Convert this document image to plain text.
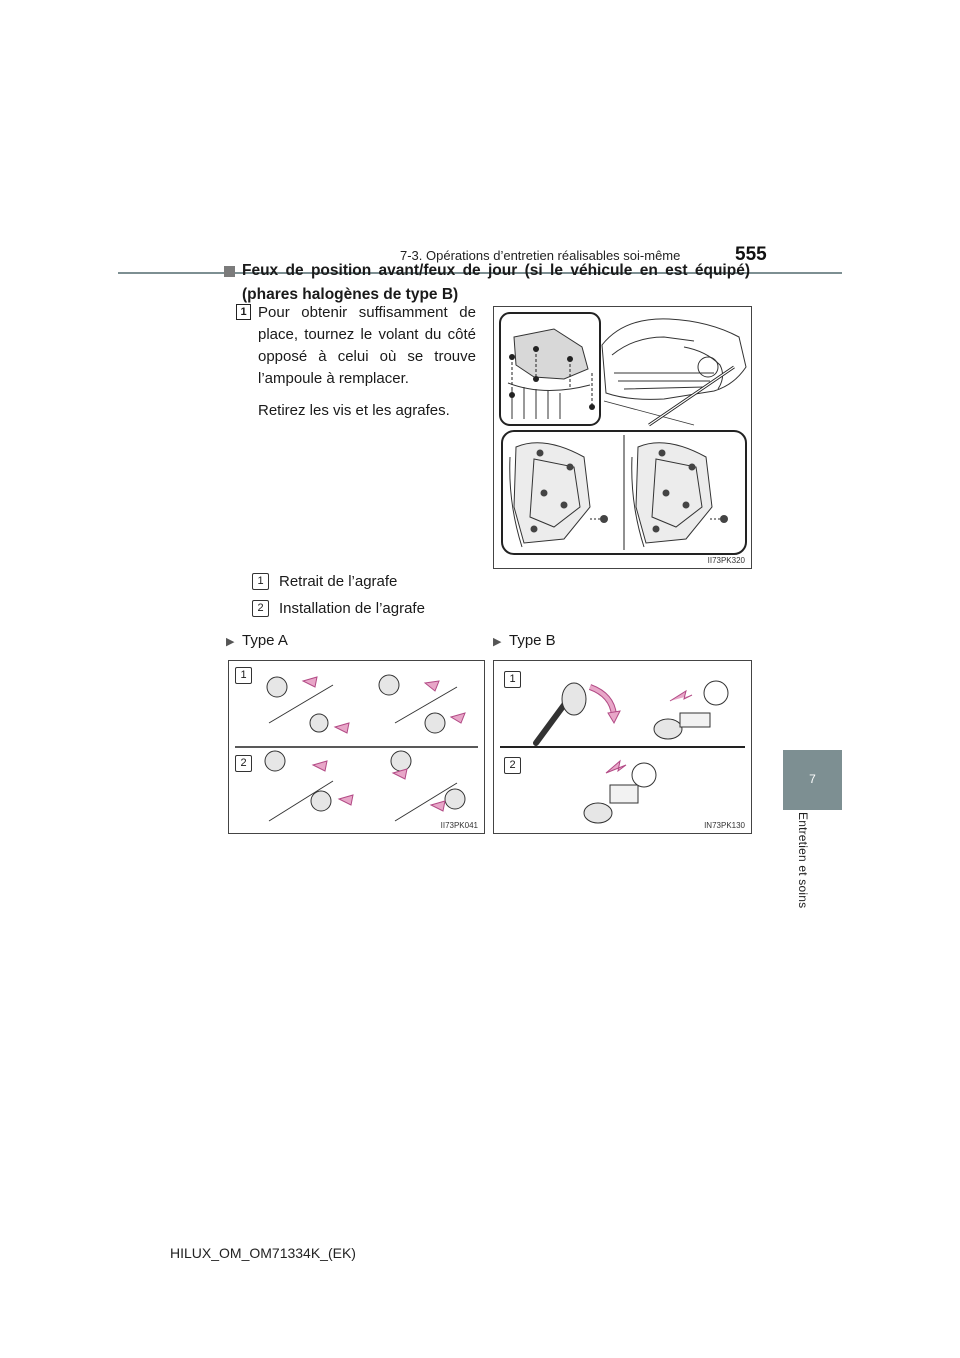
7-3. Opérations d’entretien réalisables soi-même	555
7
Entretien et soins
Feux de position avant/feux de jour (si le véhicule en est équipé) (phares halogènes de type B)
1 Pour obtenir suffisamment de place, tournez le volant du côté opposé à celui où se trouve l’ampoule à remplacer.

Retirez les vis et les agrafes.

II73PK320
1	Retrait de l’agrafe
2	Installation de l’agrafe
▶ Type A	▶ Type B
1
2
II73PK041
1
2
IN73PK130
HILUX_OM_OM71334K_(EK)
